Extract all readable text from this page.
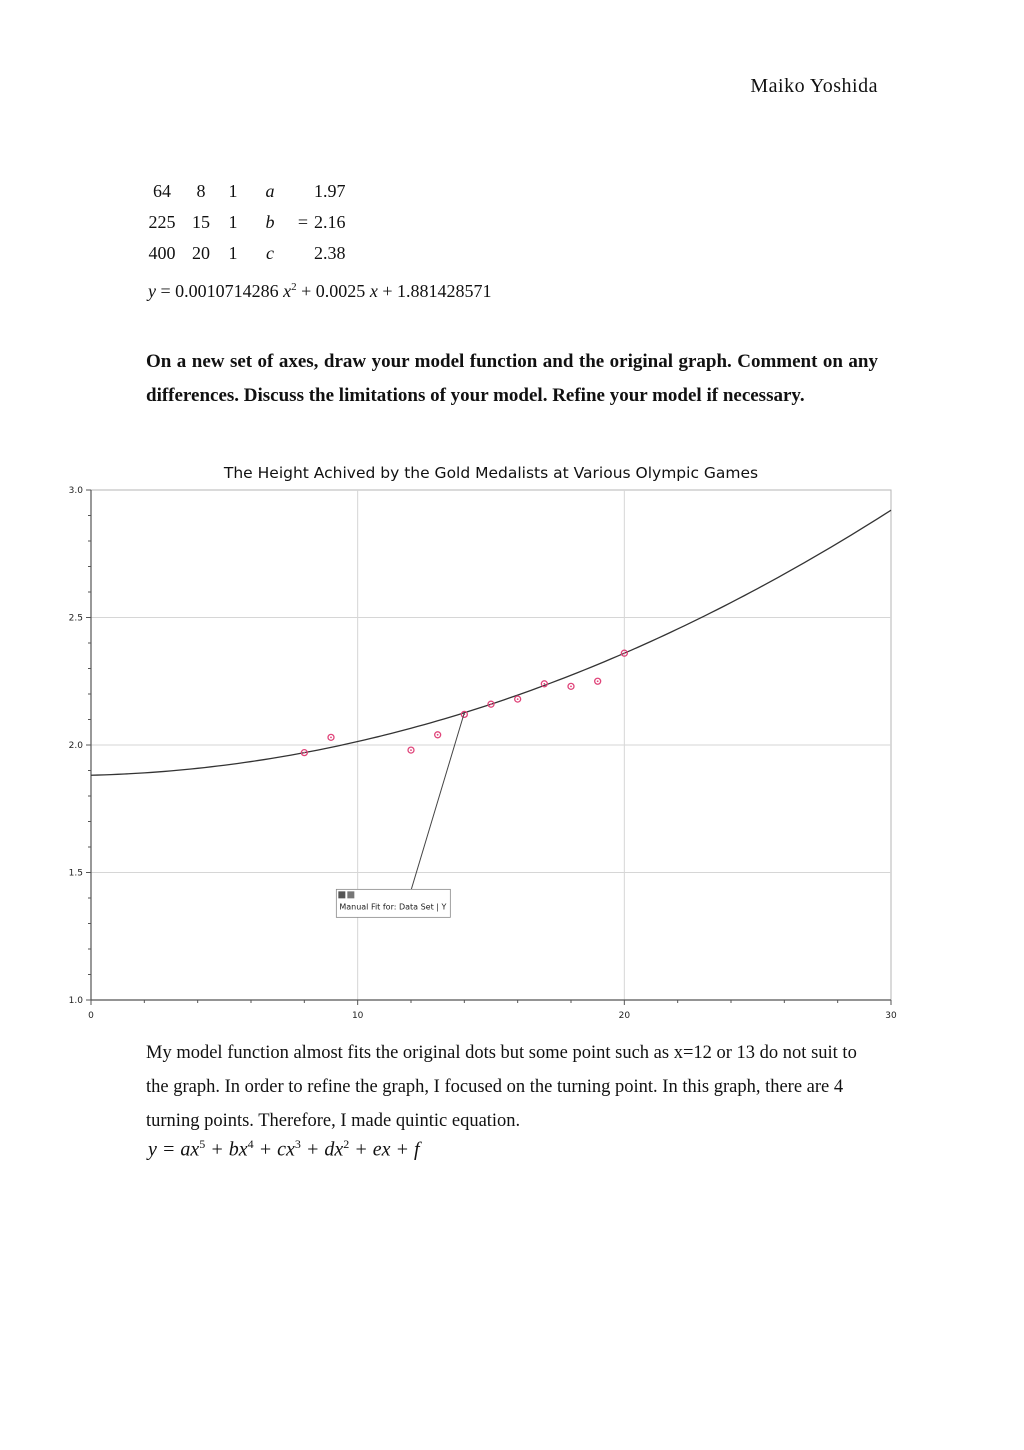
Maiko Yoshida
64	8	1	a		1.97
225	15	1	b	=	2.16
400	20	1	c		2.38
y = 0.0010714286 $x^2 + 0.0025$ x + 1.881428571
On a new set of axes, draw your model function and the original graph. Comment on any differences. Discuss the limitations of your model. Refine your model if necessary.
The Height Achived by the Gold Medalists at Various Olympic Games
0	10	20	30
1.0
1.5
2.0
2.5
3.0
Manual Fit for: Data Set | Y
My model function almost fits the original dots but some point such as x=12 or 13 do not suit to the graph. In order to refine the graph, I focused on the turning point. In this graph, there are 4 turning points. Therefore, I made quintic equation.
$y = ax^5 + bx^4 + cx^3 + dx^2$ + ex + f
